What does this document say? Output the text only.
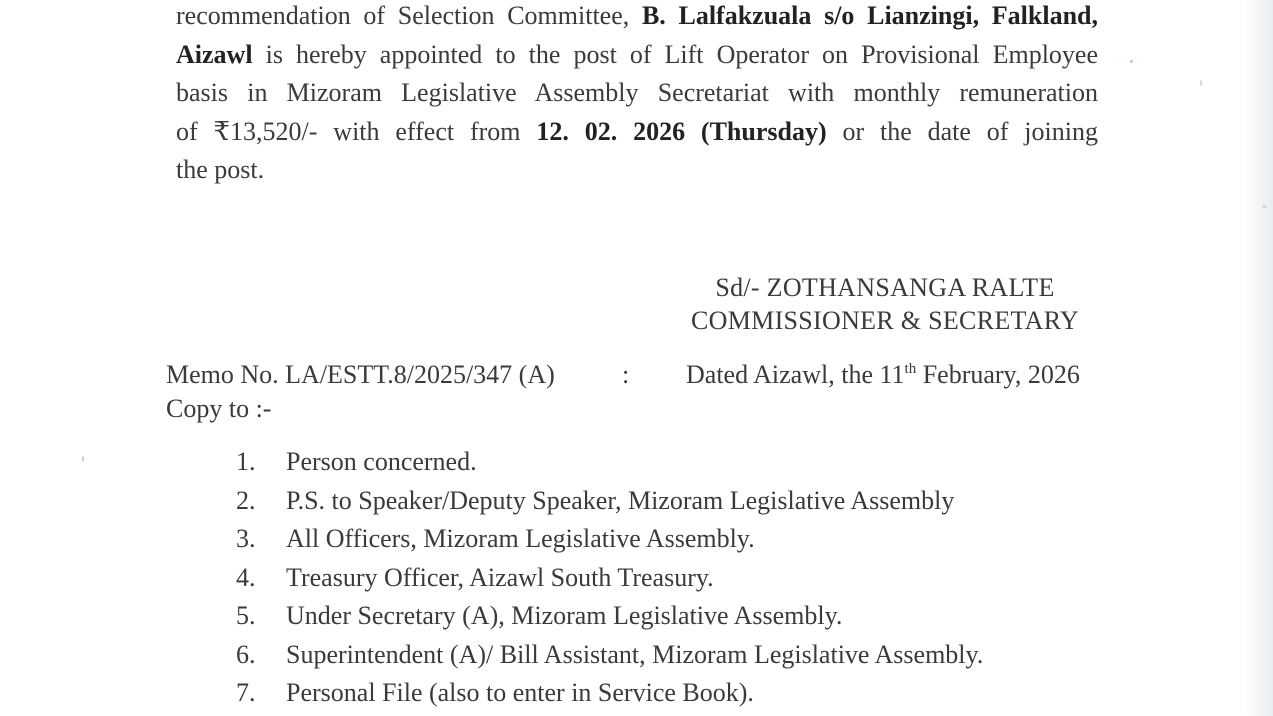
recommendation of Selection Committee, B. Lalfakzuala s/o Lianzingi, Falkland,
Aizawl is hereby appointed to the post of Lift Operator on Provisional Employee
basis in Mizoram Legislative Assembly Secretariat with monthly remuneration
of ₹13,520/- with effect from 12. 02. 2026 (Thursday) or the date of joining
the post.
Sd/- ZOTHANSANGA RALTE
COMMISSIONER & SECRETARY
Memo No. LA/ESTT.8/2025/347 (A)	: Dated Aizawl, the 11th February, 2026
Copy to :-
1. Person concerned.
2. P.S. to Speaker/Deputy Speaker, Mizoram Legislative Assembly
3. All Officers, Mizoram Legislative Assembly.
4. Treasury Officer, Aizawl South Treasury.
5. Under Secretary (A), Mizoram Legislative Assembly.
6. Superintendent (A)/ Bill Assistant, Mizoram Legislative Assembly.
7. Personal File (also to enter in Service Book).
